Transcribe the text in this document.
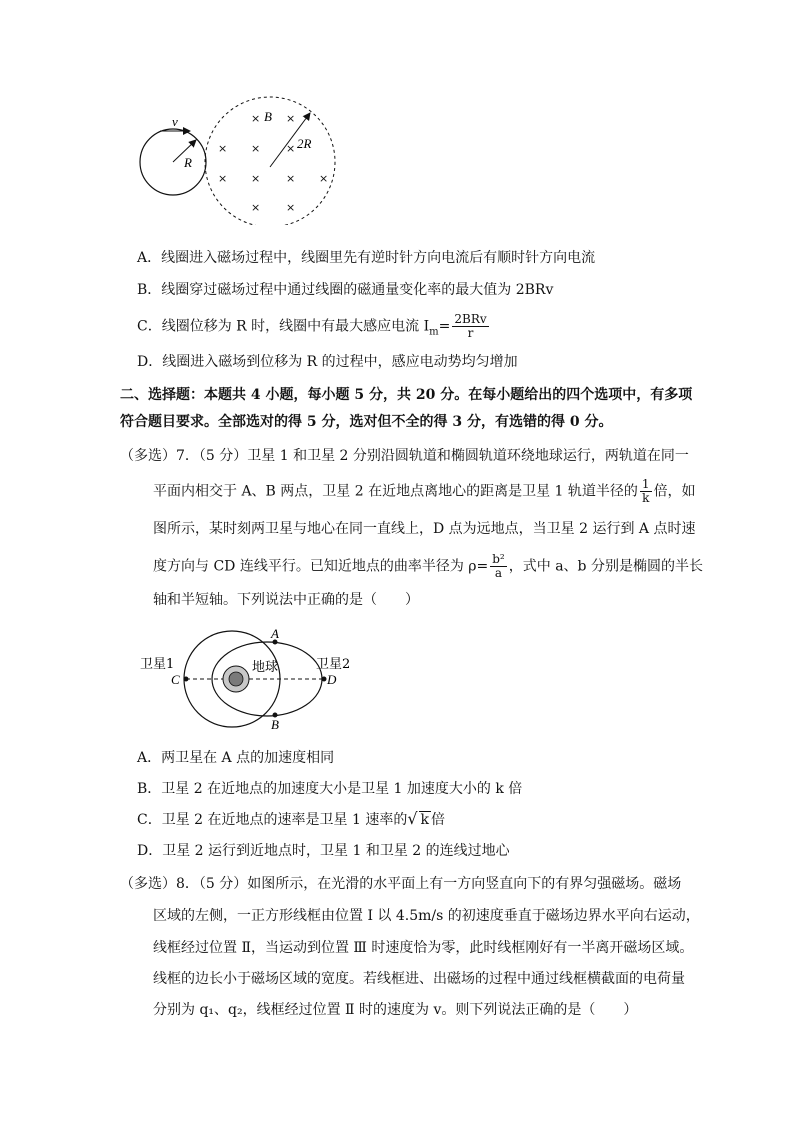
v
R
B
2R
× ×
× × ×
× × × ×
× ×
A．线圈进入磁场过程中，线圈里先有逆时针方向电流后有顺时针方向电流
B．线圈穿过磁场过程中通过线圈的磁通量变化率的最大值为 2BRv
C．线圈位移为 R 时，线圈中有最大感应电流 $I_m= \frac{\text{2BRv}}{r}$
D．线圈进入磁场到位移为 R 的过程中，感应电动势均匀增加
二、选择题：本题共 4 小题，每小题 5 分，共 20 分。在每小题给出的四个选项中，有多项
符合题目要求。全部选对的得 5 分，选对但不全的得 3 分，有选错的得 0 分。
（多选）7．（5 分）卫星 1 和卫星 2 分别沿圆轨道和椭圆轨道环绕地球运行，两轨道在同一
平面内相交于 A、B 两点，卫星 2 在近地点离地心的距离是卫星 1 轨道半径的 $\frac{1}{k}$ 倍，如
图所示，某时刻两卫星与地心在同一直线上，D 点为远地点，当卫星 2 运行到 A 点时速
度方向与 CD 连线平行。已知近地点的曲率半径为 $\rho= \frac{\text{b²}}{a}$ ，式中 a、b 分别是椭圆的半长
轴和半短轴。下列说法中正确的是（　　）
卫星1	卫星2
地球
A
B
C	D
A．两卫星在 A 点的加速度相同
B．卫星 2 在近地点的加速度大小是卫星 1 加速度大小的 k 倍
C．卫星 2 在近地点的速率是卫星 1 速率的√ k 倍
D．卫星 2 运行到近地点时，卫星 1 和卫星 2 的连线过地心
（多选）8．（5 分）如图所示，在光滑的水平面上有一方向竖直向下的有界匀强磁场。磁场
区域的左侧，一正方形线框由位置 Ⅰ 以 4.5m/s 的初速度垂直于磁场边界水平向右运动，
线框经过位置 Ⅱ，当运动到位置 Ⅲ 时速度恰为零，此时线框刚好有一半离开磁场区域。
线框的边长小于磁场区域的宽度。若线框进、出磁场的过程中通过线框横截面的电荷量
分别为 q₁、q₂，线框经过位置 Ⅱ 时的速度为 v。则下列说法正确的是（　　）
